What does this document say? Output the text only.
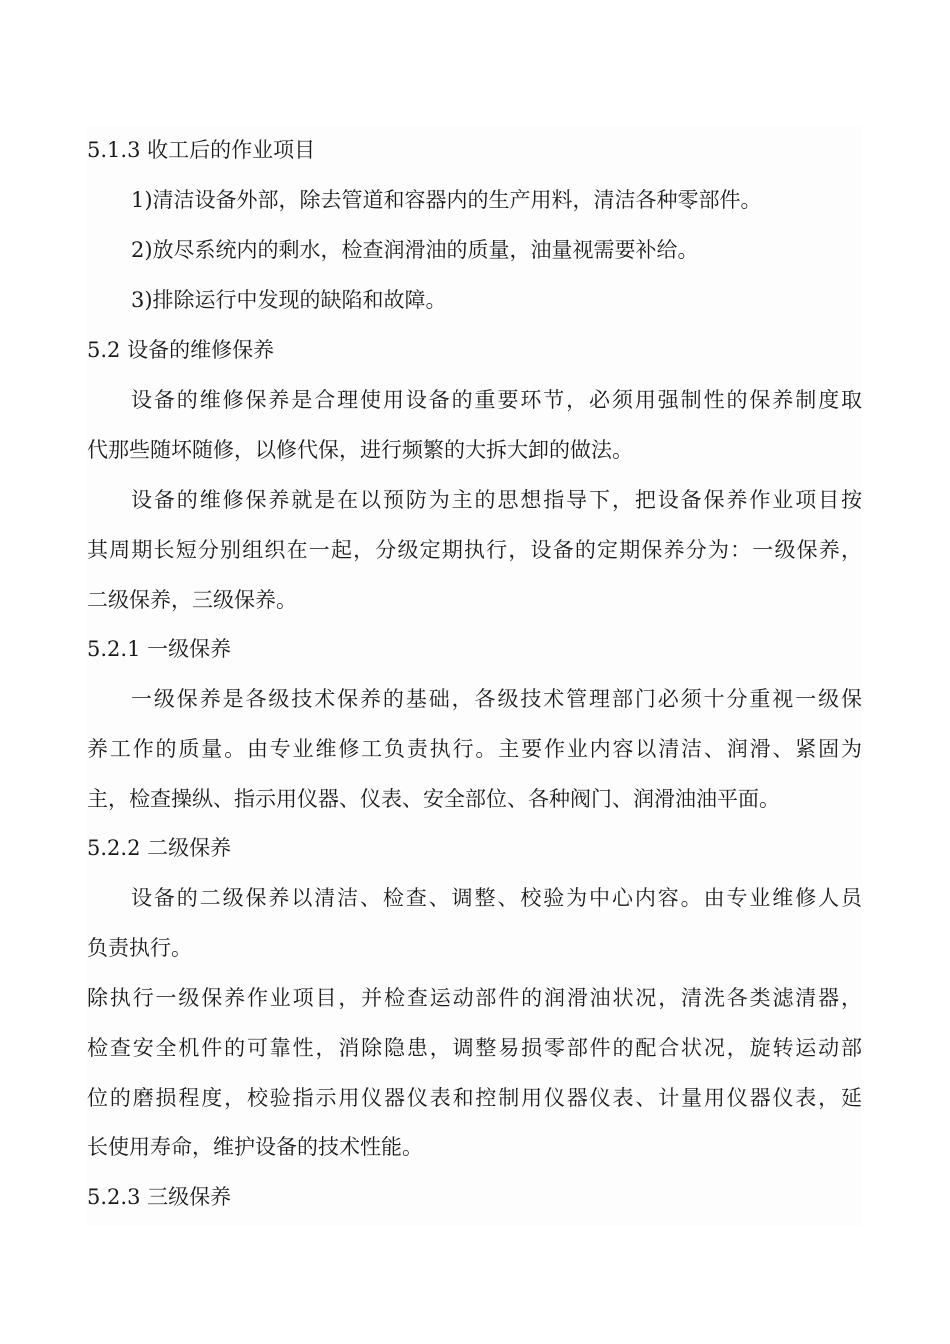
5.1.3 收工后的作业项目
1)清洁设备外部，除去管道和容器内的生产用料，清洁各种零部件。
2)放尽系统内的剩水，检查润滑油的质量，油量视需要补给。
3)排除运行中发现的缺陷和故障。
5.2 设备的维修保养
设备的维修保养是合理使用设备的重要环节，必须用强制性的保养制度取
代那些随坏随修，以修代保，进行频繁的大拆大卸的做法。
设备的维修保养就是在以预防为主的思想指导下，把设备保养作业项目按
其周期长短分别组织在一起，分级定期执行，设备的定期保养分为：一级保养，
二级保养，三级保养。
5.2.1 一级保养
一级保养是各级技术保养的基础，各级技术管理部门必须十分重视一级保
养工作的质量。由专业维修工负责执行。主要作业内容以清洁、润滑、紧固为
主，检查操纵、指示用仪器、仪表、安全部位、各种阀门、润滑油油平面。
5.2.2 二级保养
设备的二级保养以清洁、检查、调整、校验为中心内容。由专业维修人员
负责执行。
除执行一级保养作业项目，并检查运动部件的润滑油状况，清洗各类滤清器，
检查安全机件的可靠性，消除隐患，调整易损零部件的配合状况，旋转运动部
位的磨损程度，校验指示用仪器仪表和控制用仪器仪表、计量用仪器仪表，延
长使用寿命，维护设备的技术性能。
5.2.3 三级保养
